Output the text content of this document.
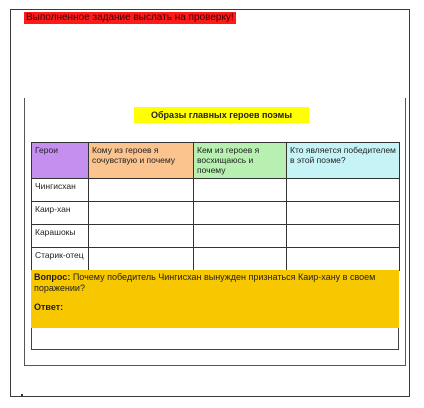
Выполненное задание выслать на проверку!
Образы главных героев поэмы
Герои	Кому из героев я сочувствую и почему	Кем из героев я восхищаюсь и почему	Кто является победителем в этой поэме?
Чингисхан			
Каир-хан			
Карашокы			
Старик-отец			
Вопрос: Почему победитель Чингисхан вынужден признаться Каир-хану в своем поражении?
Ответ:
